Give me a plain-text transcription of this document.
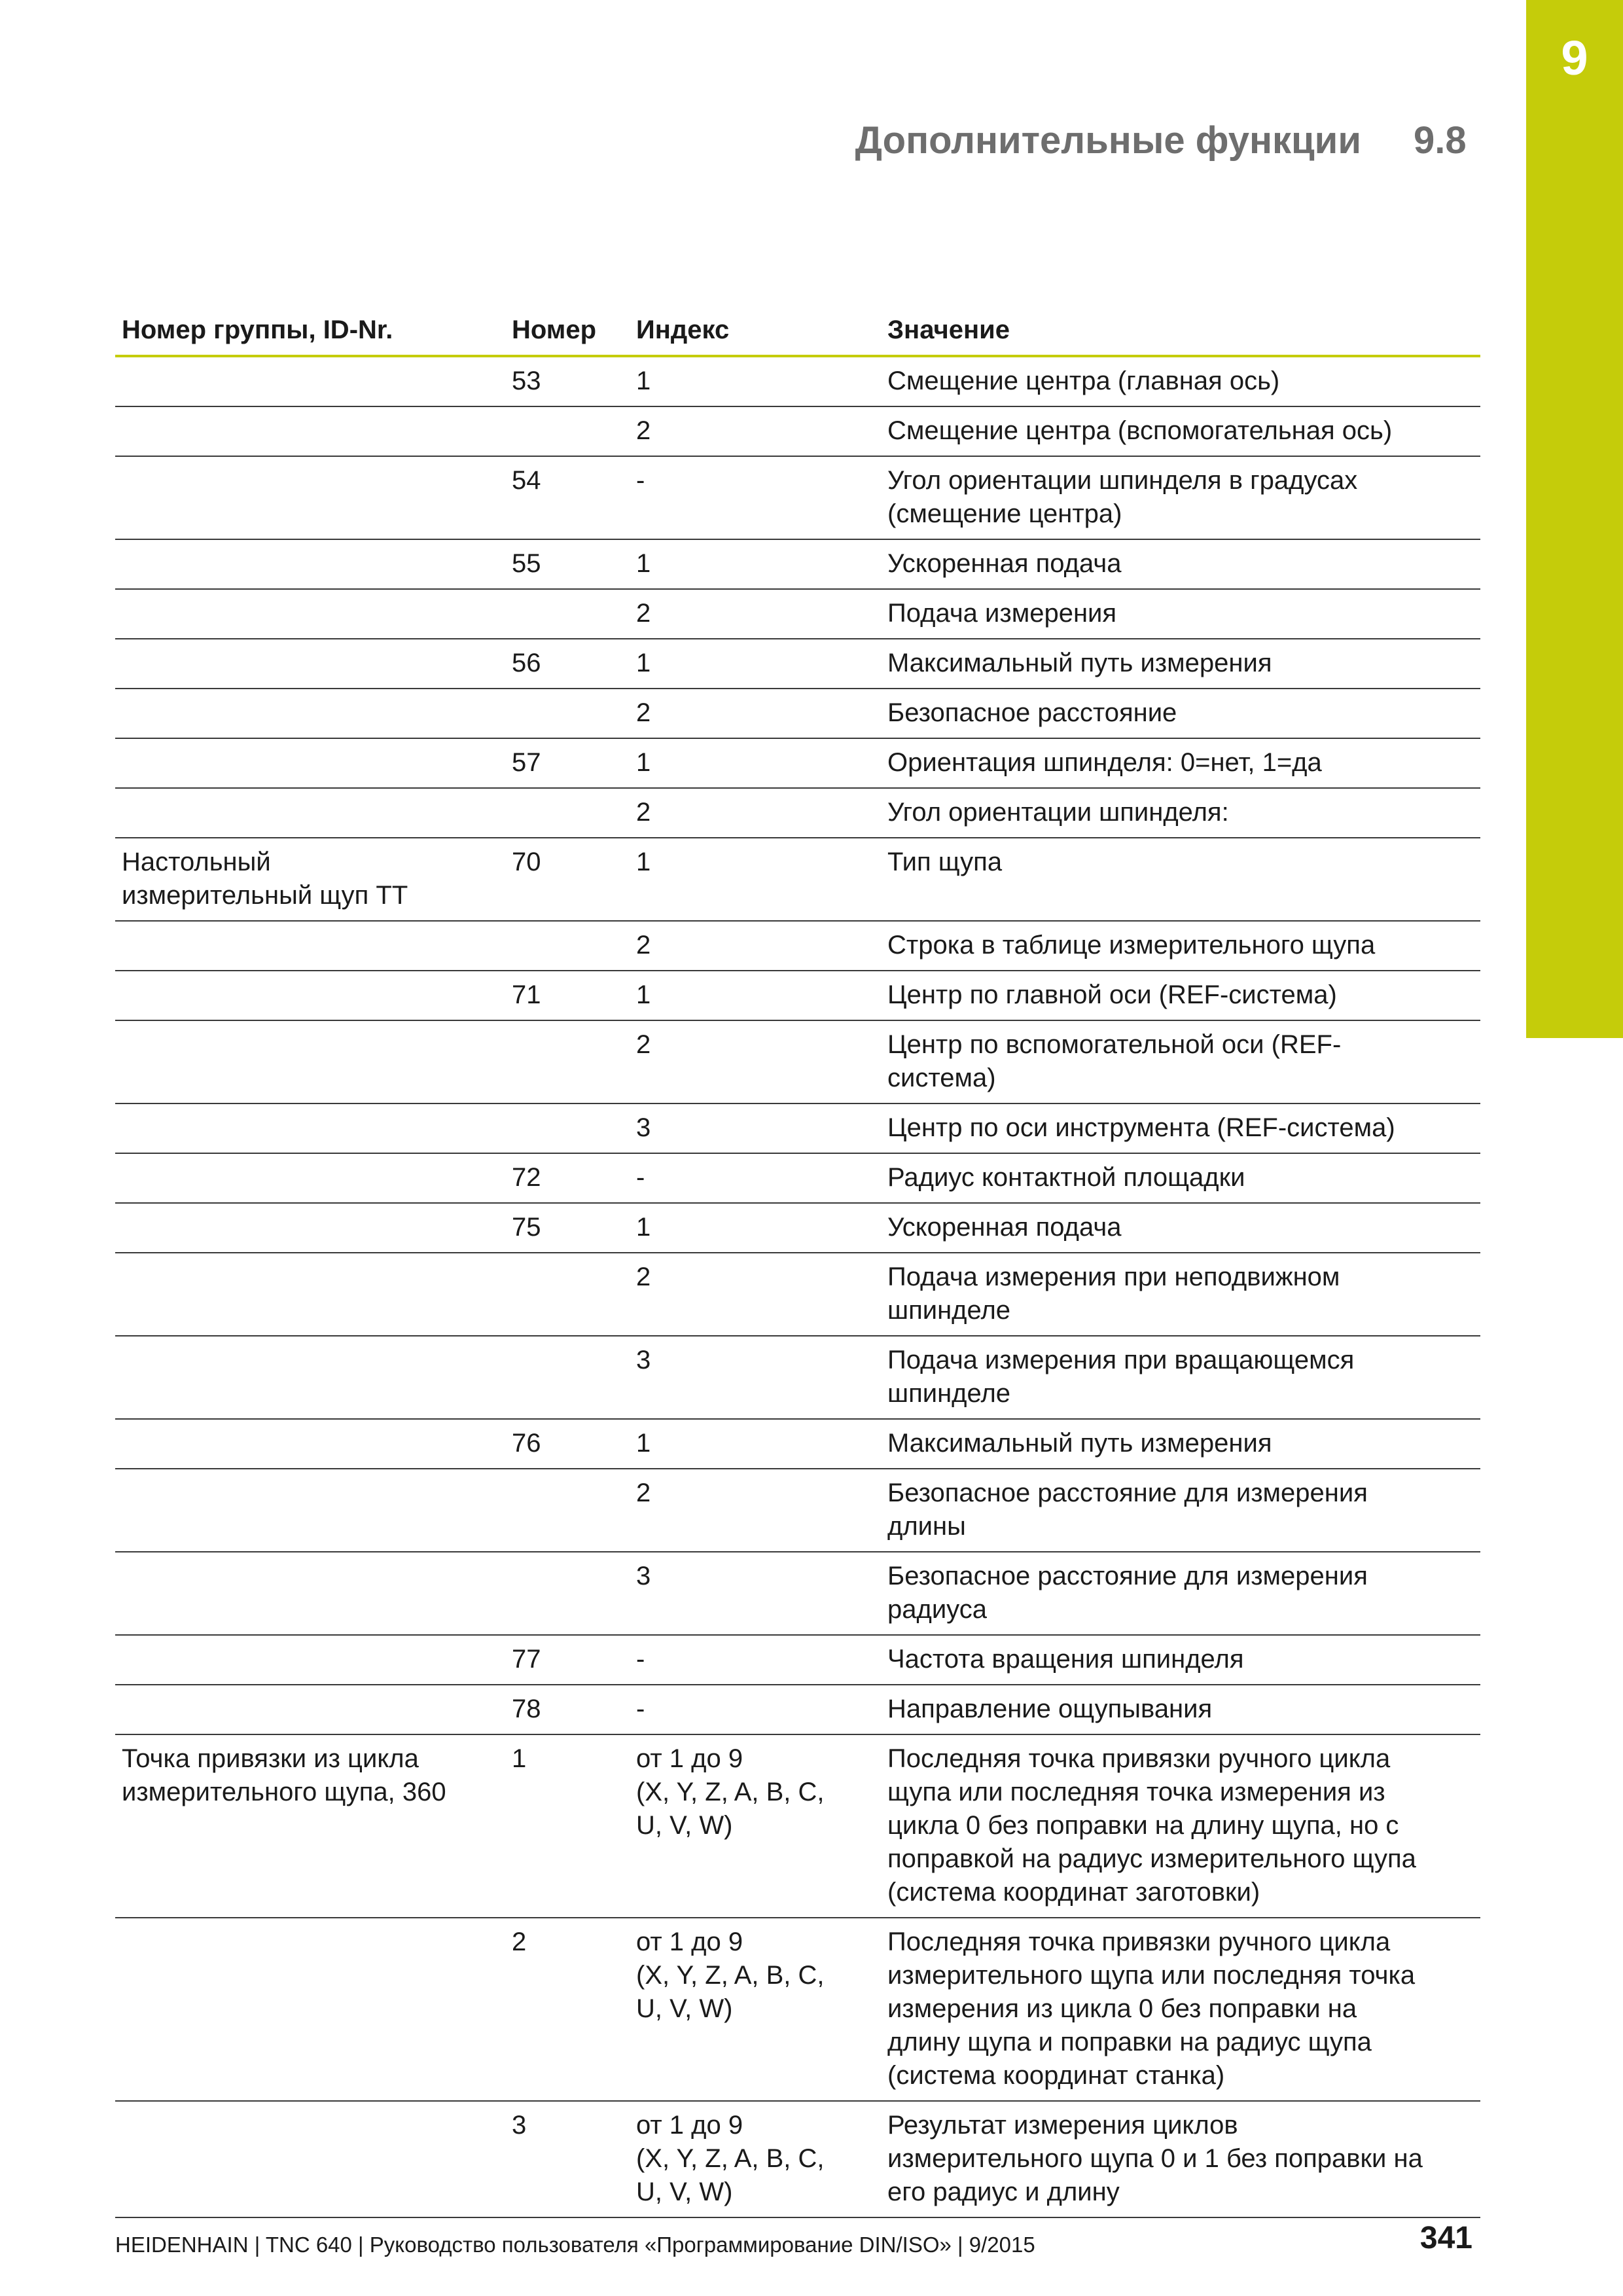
9
Дополнительные функции 9.8
Номер группы, ID-Nr.	Номер	Индекс	Значение
	53	1	Смещение центра (главная ось)

		2	Смещение центра (вспомогательная ось)

	54	-	Угол ориентации шпинделя в градусах
(смещение центра)

	55	1	Ускоренная подача

		2	Подача измерения

	56	1	Максимальный путь измерения

		2	Безопасное расстояние

	57	1	Ориентация шпинделя: 0=нет, 1=да

		2	Угол ориентации шпинделя:

Настольный
измерительный щуп TT	70	1	Тип щупа

		2	Строка в таблице измерительного щупа

	71	1	Центр по главной оси (REF-система)

		2	Центр по вспомогательной оси (REF-
система)

		3	Центр по оси инструмента (REF-система)

	72	-	Радиус контактной площадки

	75	1	Ускоренная подача

		2	Подача измерения при неподвижном
шпинделе

		3	Подача измерения при вращающемся
шпинделе

	76	1	Максимальный путь измерения

		2	Безопасное расстояние для измерения
длины

		3	Безопасное расстояние для измерения
радиуса

	77	-	Частота вращения шпинделя

	78	-	Направление ощупывания

Точка привязки из цикла
измерительного щупа, 360	1	от 1 до 9
(X, Y, Z, A, B, C,
U, V, W)	Последняя точка привязки ручного цикла
щупа или последняя точка измерения из
цикла 0 без поправки на длину щупа, но с
поправкой на радиус измерительного щупа
(система координат заготовки)

	2	от 1 до 9
(X, Y, Z, A, B, C,
U, V, W)	Последняя точка привязки ручного цикла
измерительного щупа или последняя точка
измерения из цикла 0 без поправки на
длину щупа и поправки на радиус щупа
(система координат станка)

	3	от 1 до 9
(X, Y, Z, A, B, C,
U, V, W)	Результат измерения циклов
измерительного щупа 0 и 1 без поправки на
его радиус и длину
HEIDENHAIN | TNC 640 | Руководство пользователя «Программирование DIN/ISO» | 9/2015	341
